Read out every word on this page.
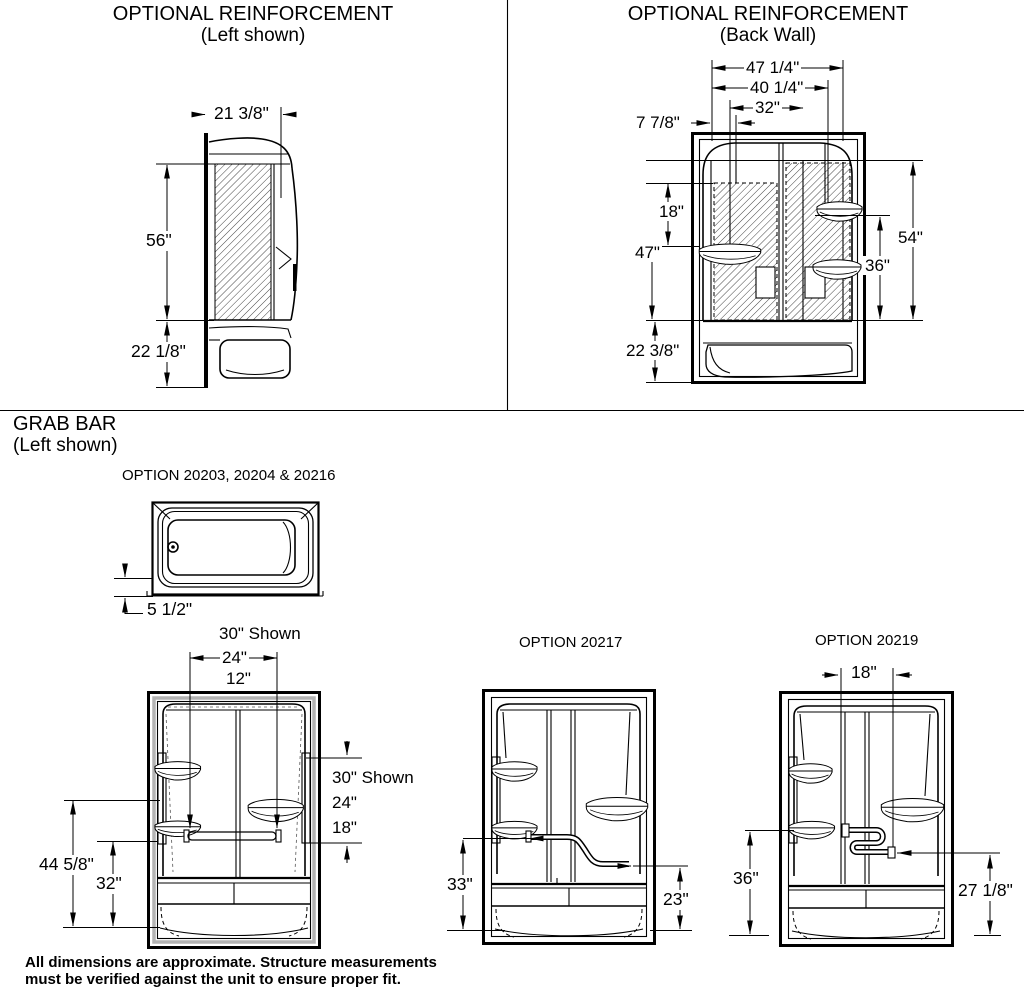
OPTIONAL REINFORCEMENT
(Left shown)
OPTIONAL REINFORCEMENT
(Back Wall)
21 3/8"
56"
22 1/8"
47 1/4"
40 1/4"
32"
7 7/8"
18"
47"
54"
36"
22 3/8"
GRAB BAR
(Left shown)
OPTION 20203, 20204 & 20216
5 1/2"
30" Shown
24"
12"
30" Shown
24"
18"
44 5/8"
32"
OPTION 20217
33"
23"
OPTION 20219
18"
36"
27 1/8"
All dimensions are approximate. Structure measurements
must be verified against the unit to ensure proper fit.
